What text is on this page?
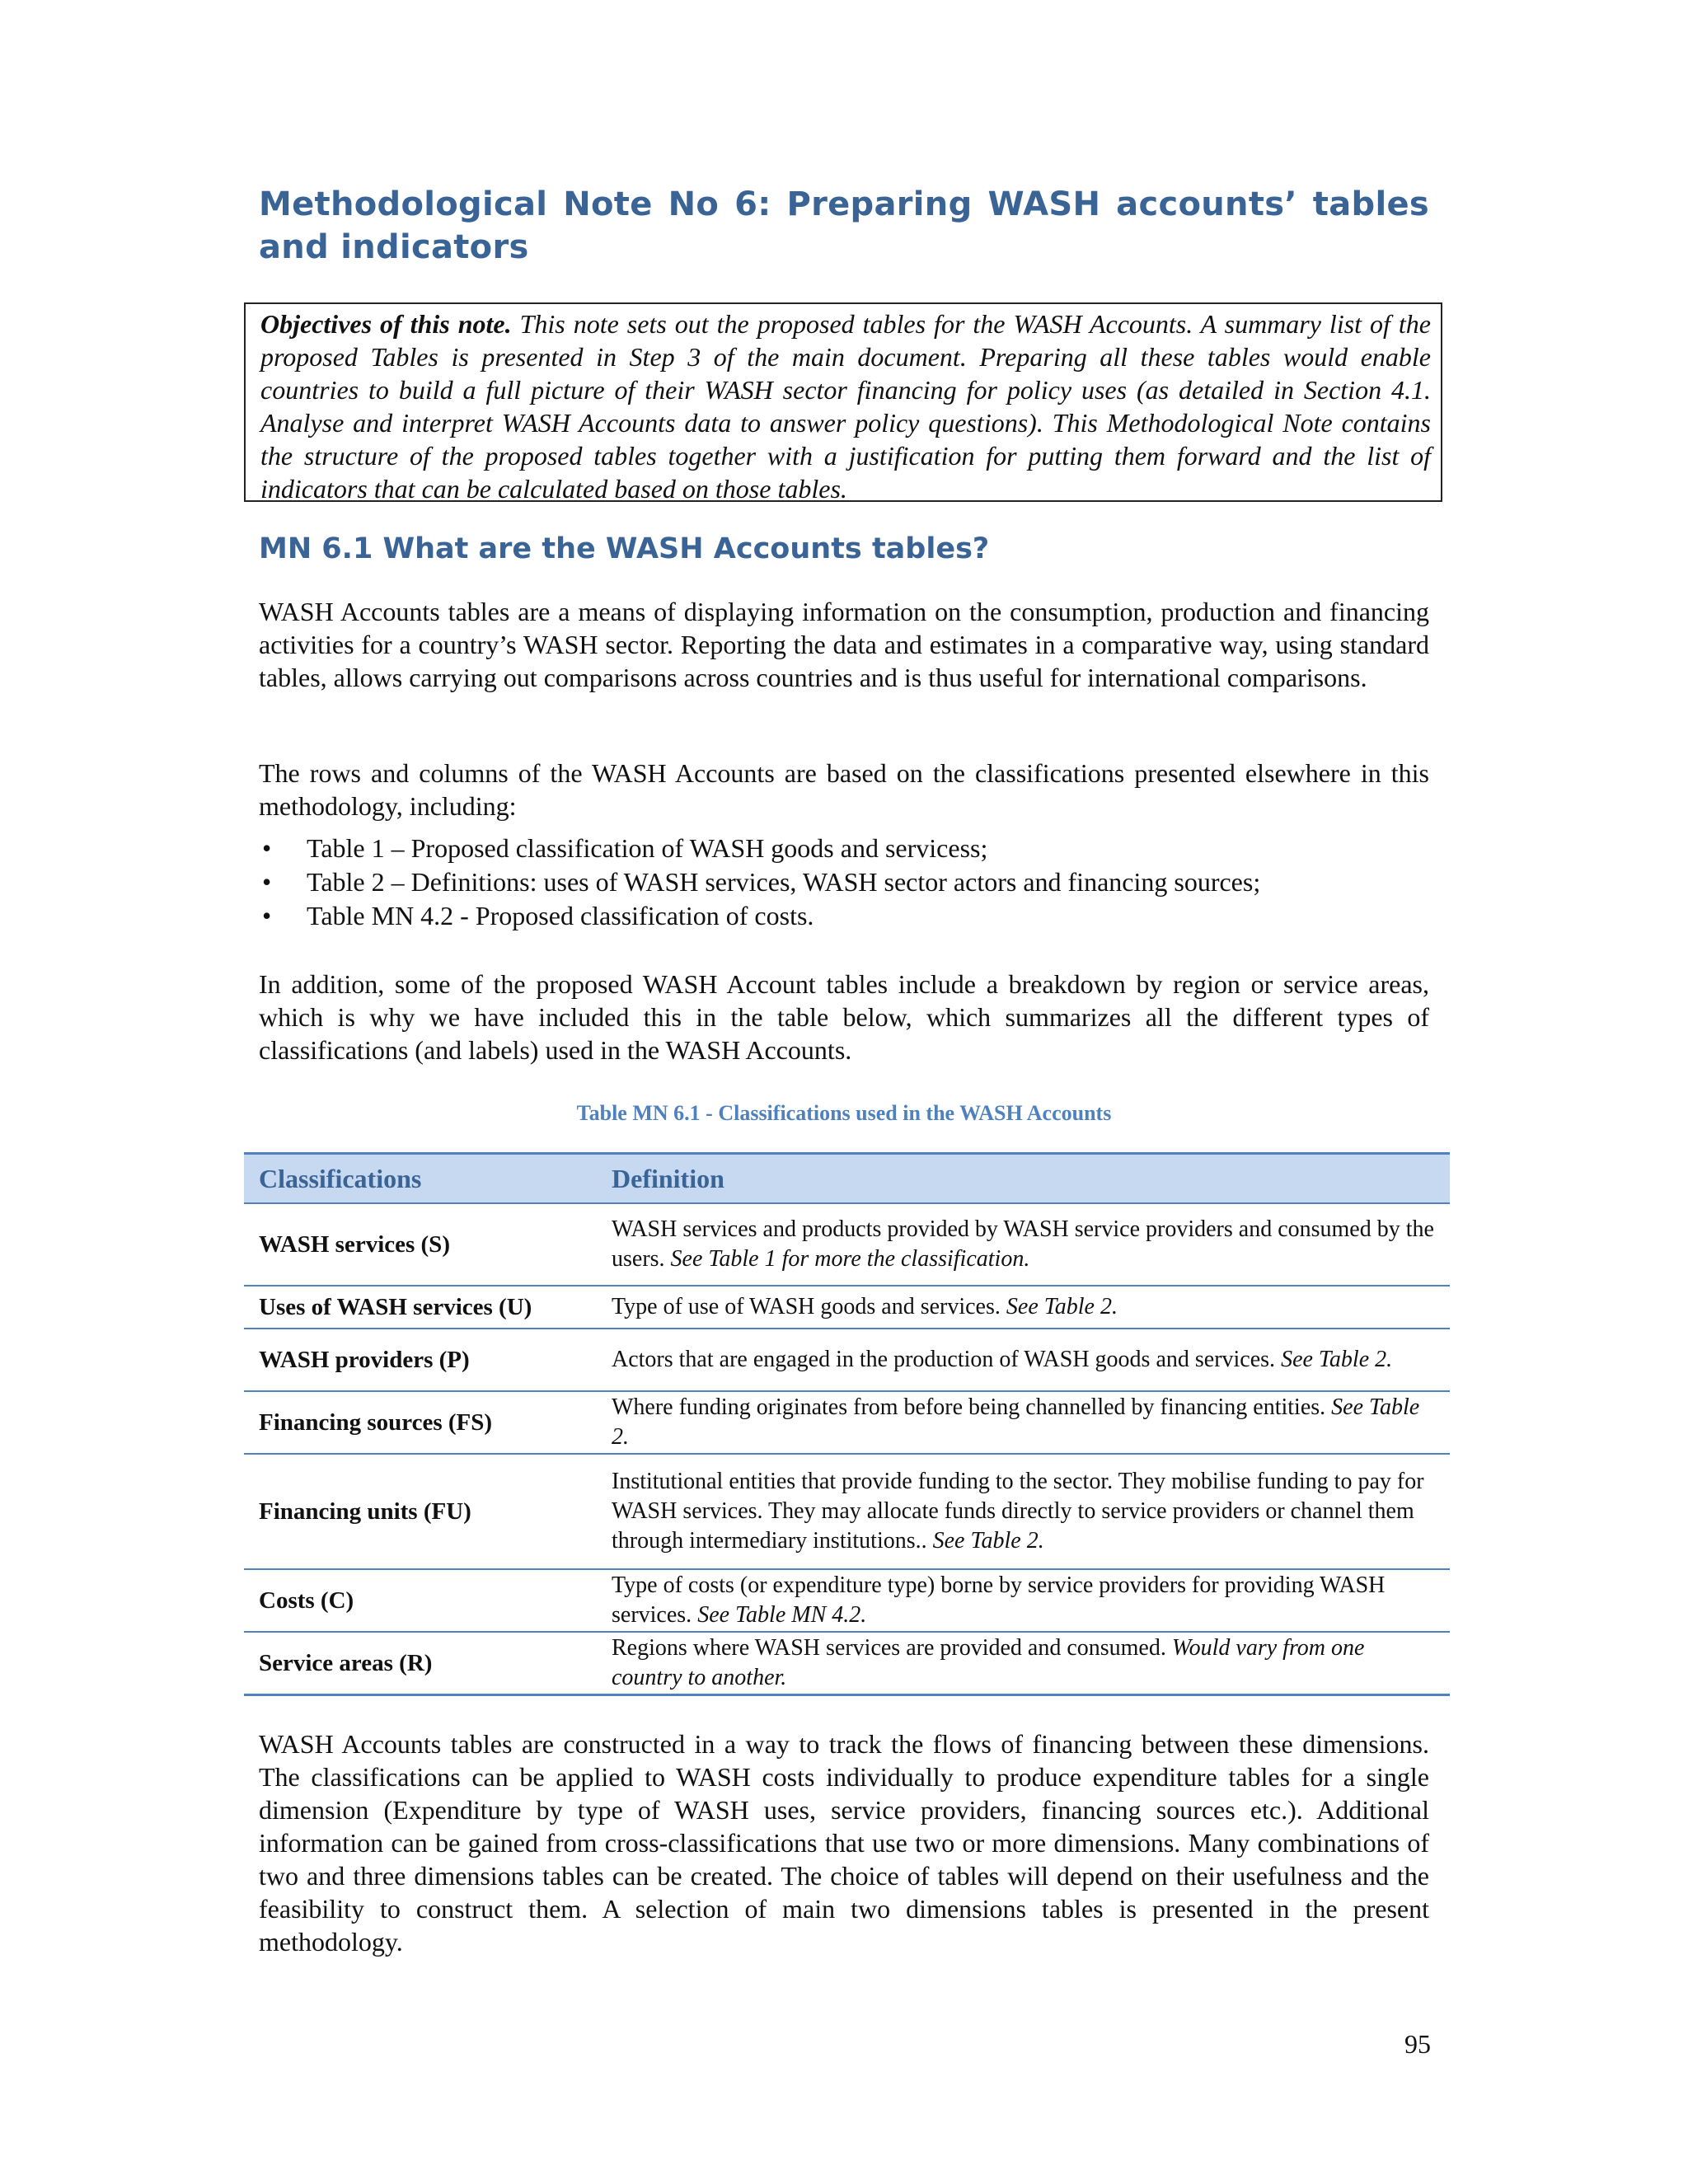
Methodological Note No 6: Preparing WASH accounts’ tables and indicators
Objectives of this note. This note sets out the proposed tables for the WASH Accounts. A summary list of the proposed Tables is presented in Step 3 of the main document. Preparing all these tables would enable countries to build a full picture of their WASH sector financing for policy uses (as detailed in Section 4.1. Analyse and interpret WASH Accounts data to answer policy questions). This Methodological Note contains the structure of the proposed tables together with a justification for putting them forward and the list of indicators that can be calculated based on those tables.
MN 6.1 What are the WASH Accounts tables?
WASH Accounts tables are a means of displaying information on the consumption, production and financing activities for a country’s WASH sector. Reporting the data and estimates in a comparative way, using standard tables, allows carrying out comparisons across countries and is thus useful for international comparisons.
The rows and columns of the WASH Accounts are based on the classifications presented elsewhere in this methodology, including:
• Table 1 – Proposed classification of WASH goods and servicess;
• Table 2 – Definitions: uses of WASH services, WASH sector actors and financing sources;
• Table MN 4.2 - Proposed classification of costs.
In addition, some of the proposed WASH Account tables include a breakdown by region or service areas, which is why we have included this in the table below, which summarizes all the different types of classifications (and labels) used in the WASH Accounts.
Table MN 6.1 - Classifications used in the WASH Accounts
Classifications	Definition
WASH services (S)	WASH services and products provided by WASH service providers and consumed by the users. See Table 1 for more the classification.
Uses of WASH services (U)	Type of use of WASH goods and services. See Table 2.
WASH providers (P)	Actors that are engaged in the production of WASH goods and services. See Table 2.
Financing sources (FS)	Where funding originates from before being channelled by financing entities. See Table 2.
Financing units (FU)	Institutional entities that provide funding to the sector. They mobilise funding to pay for WASH services. They may allocate funds directly to service providers or channel them through intermediary institutions.. See Table 2.
Costs (C)	Type of costs (or expenditure type) borne by service providers for providing WASH services. See Table MN 4.2.
Service areas (R)	Regions where WASH services are provided and consumed. Would vary from one country to another.
WASH Accounts tables are constructed in a way to track the flows of financing between these dimensions. The classifications can be applied to WASH costs individually to produce expenditure tables for a single dimension (Expenditure by type of WASH uses, service providers, financing sources etc.). Additional information can be gained from cross-classifications that use two or more dimensions. Many combinations of two and three dimensions tables can be created. The choice of tables will depend on their usefulness and the feasibility to construct them. A selection of main two dimensions tables is presented in the present methodology.
95
